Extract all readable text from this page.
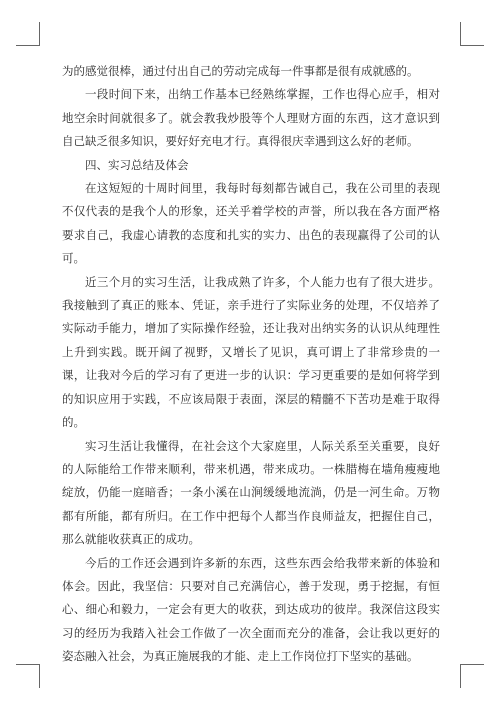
为的感觉很棒，通过付出自己的劳动完成每一件事都是很有成就感的。

一段时间下来，出纳工作基本已经熟练掌握，工作也得心应手，相对地空余时间就很多了。就会教我炒股等个人理财方面的东西，这才意识到自己缺乏很多知识，要好好充电才行。真得很庆幸遇到这么好的老师。

四、实习总结及体会

在这短短的十周时间里，我每时每刻都告诫自己，我在公司里的表现不仅代表的是我个人的形象，还关乎着学校的声誉，所以我在各方面严格要求自己，我虚心请教的态度和扎实的实力、出色的表现赢得了公司的认可。

近三个月的实习生活，让我成熟了许多，个人能力也有了很大进步。我接触到了真正的账本、凭证，亲手进行了实际业务的处理，不仅培养了实际动手能力，增加了实际操作经验，还让我对出纳实务的认识从纯理性上升到实践。既开阔了视野，又增长了见识，真可谓上了非常珍贵的一课，让我对今后的学习有了更进一步的认识：学习更重要的是如何将学到的知识应用于实践，不应该局限于表面，深层的精髓不下苦功是难于取得的。

实习生活让我懂得，在社会这个大家庭里，人际关系至关重要，良好的人际能给工作带来顺利，带来机遇，带来成功。一株腊梅在墙角瘦瘦地绽放，仍能一庭暗香；一条小溪在山涧缓缓地流淌，仍是一河生命。万物都有所能，都有所归。在工作中把每个人都当作良师益友，把握住自己，那么就能收获真正的成功。

今后的工作还会遇到许多新的东西，这些东西会给我带来新的体验和体会。因此，我坚信：只要对自己充满信心，善于发现，勇于挖掘，有恒心、细心和毅力，一定会有更大的收获，到达成功的彼岸。我深信这段实习的经历为我踏入社会工作做了一次全面而充分的准备，会让我以更好的姿态融入社会，为真正施展我的才能、走上工作岗位打下坚实的基础。
